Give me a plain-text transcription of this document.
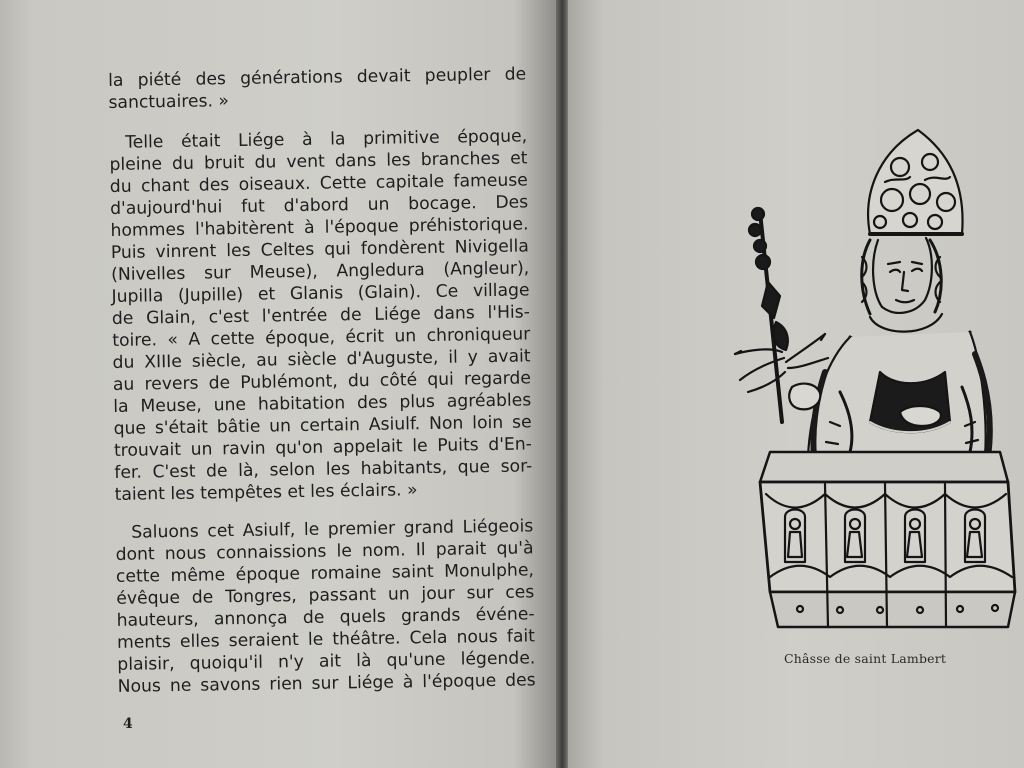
la piété des générations devait peupler de
sanctuaires. »

Telle était Liége à la primitive époque,
pleine du bruit du vent dans les branches et
du chant des oiseaux. Cette capitale fameuse
d'aujourd'hui fut d'abord un bocage. Des
hommes l'habitèrent à l'époque préhistorique.
Puis vinrent les Celtes qui fondèrent Nivigella
(Nivelles sur Meuse), Angledura (Angleur),
Jupilla (Jupille) et Glanis (Glain). Ce village
de Glain, c'est l'entrée de Liége dans l'His-
toire. « A cette époque, écrit un chroniqueur
du XIIIe siècle, au siècle d'Auguste, il y avait
au revers de Publémont, du côté qui regarde
la Meuse, une habitation des plus agréables
que s'était bâtie un certain Asiulf. Non loin se
trouvait un ravin qu'on appelait le Puits d'En-
fer. C'est de là, selon les habitants, que sor-
taient les tempêtes et les éclairs. »

Saluons cet Asiulf, le premier grand Liégeois
dont nous connaissions le nom. Il parait qu'à
cette même époque romaine saint Monulphe,
évêque de Tongres, passant un jour sur ces
hauteurs, annonça de quels grands événe-
ments elles seraient le théâtre. Cela nous fait
plaisir, quoiqu'il n'y ait là qu'une légende.
Nous ne savons rien sur Liége à l'époque des

4
Châsse de saint Lambert
